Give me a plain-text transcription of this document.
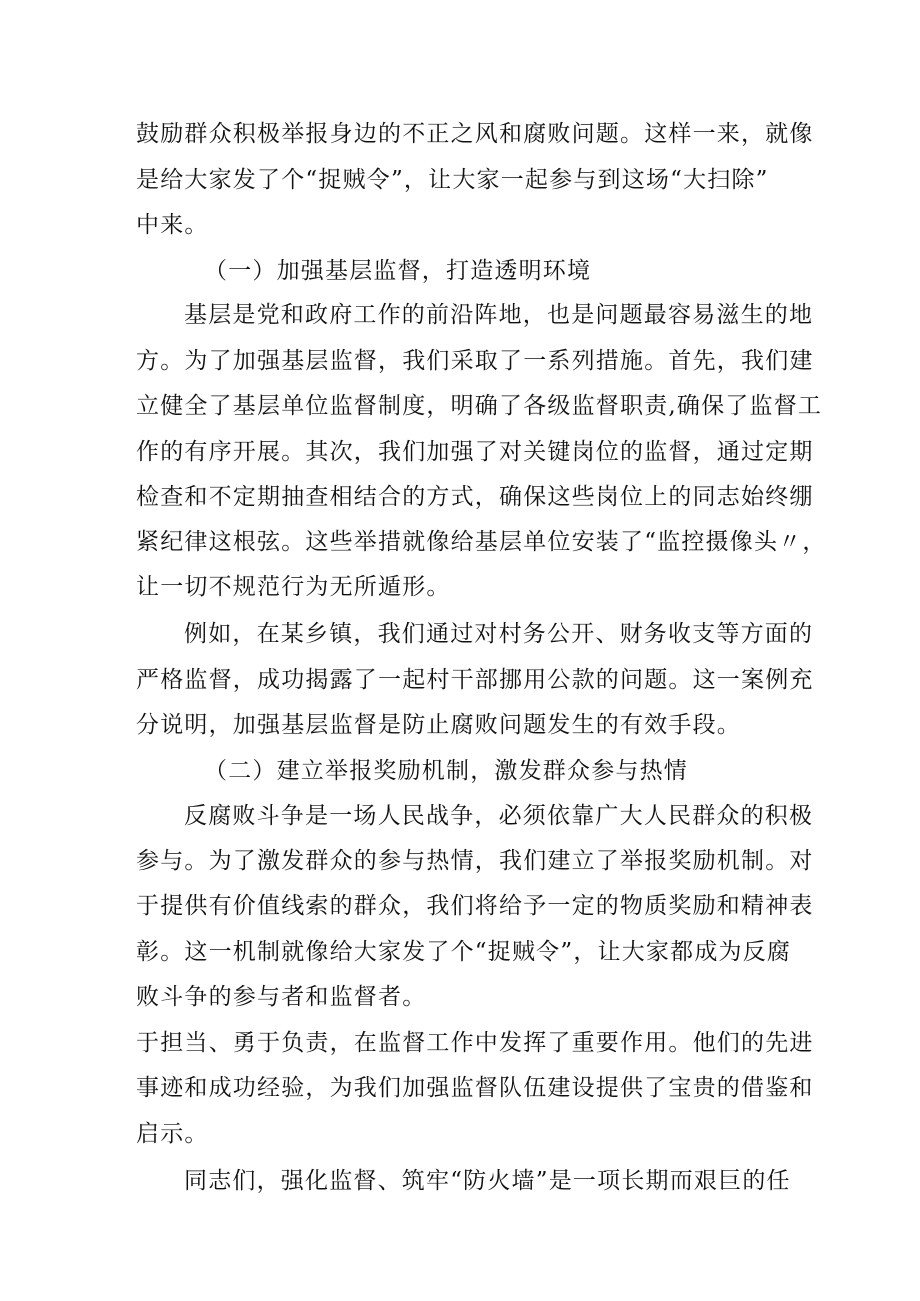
鼓励群众积极举报身边的不正之风和腐败问题。这样一来，就像
是给大家发了个“捉贼令”，让大家一起参与到这场“大扫除”
中来。
（一）加强基层监督，打造透明环境
基层是党和政府工作的前沿阵地，也是问题最容易滋生的地
方。为了加强基层监督，我们采取了一系列措施。首先，我们建
立健全了基层单位监督制度，明确了各级监督职责,确保了监督工
作的有序开展。其次，我们加强了对关键岗位的监督，通过定期
检查和不定期抽查相结合的方式，确保这些岗位上的同志始终绷
紧纪律这根弦。这些举措就像给基层单位安装了“监控摄像头〃，
让一切不规范行为无所遁形。
例如，在某乡镇，我们通过对村务公开、财务收支等方面的
严格监督，成功揭露了一起村干部挪用公款的问题。这一案例充
分说明，加强基层监督是防止腐败问题发生的有效手段。
（二）建立举报奖励机制，激发群众参与热情
反腐败斗争是一场人民战争，必须依靠广大人民群众的积极
参与。为了激发群众的参与热情，我们建立了举报奖励机制。对
于提供有价值线索的群众，我们将给予一定的物质奖励和精神表
彰。这一机制就像给大家发了个“捉贼令”，让大家都成为反腐
败斗争的参与者和监督者。
于担当、勇于负责，在监督工作中发挥了重要作用。他们的先进
事迹和成功经验，为我们加强监督队伍建设提供了宝贵的借鉴和
启示。
同志们，强化监督、筑牢“防火墙”是一项长期而艰巨的任
